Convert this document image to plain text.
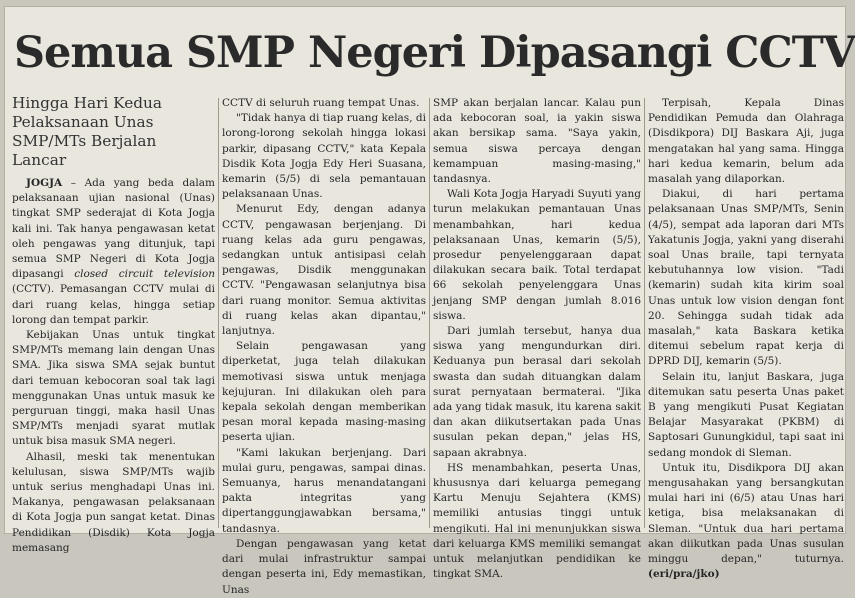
Semua SMP Negeri Dipasangi CCTV
Hingga Hari Kedua Pelaksanaan Unas SMP/MTs Berjalan Lancar

JOGJA – Ada yang beda dalam pelaksanaan ujian nasional (Unas) tingkat SMP sederajat di Kota Jogja kali ini. Tak hanya pengawasan ketat oleh pengawas yang ditunjuk, tapi semua SMP Negeri di Kota Jogja dipasangi closed circuit television (CCTV). Pemasangan CCTV mulai di dari ruang kelas, hingga setiap lorong dan tempat parkir.

Kebijakan Unas untuk tingkat SMP/MTs memang lain dengan Unas SMA. Jika siswa SMA sejak buntut dari temuan kebocoran soal tak lagi menggunakan Unas untuk masuk ke perguruan tinggi, maka hasil Unas SMP/MTs menjadi syarat mutlak untuk bisa masuk SMA negeri.

Alhasil, meski tak menentukan kelulusan, siswa SMP/MTs wajib untuk serius menghadapi Unas ini. Makanya, pengawasan pelaksanaan di Kota Jogja pun sangat ketat. Dinas Pendidikan (Disdik) Kota Jogja memasang

CCTV di seluruh ruang tempat Unas.

"Tidak hanya di tiap ruang kelas, di lorong-lorong sekolah hingga lokasi parkir, dipasang CCTV," kata Kepala Disdik Kota Jogja Edy Heri Suasana, kemarin (5/5) di sela pemantauan pelaksanaan Unas.

Menurut Edy, dengan adanya CCTV, pengawasan berjenjang. Di ruang kelas ada guru pengawas, sedangkan untuk antisipasi celah pengawas, Disdik menggunakan CCTV. "Pengawasan selanjutnya bisa dari ruang monitor. Semua aktivitas di ruang kelas akan dipantau," lanjutnya.

Selain pengawasan yang diperketat, juga telah dilakukan memotivasi siswa untuk menjaga kejujuran. Ini dilakukan oleh para kepala sekolah dengan memberikan pesan moral kepada masing-masing peserta ujian.

"Kami lakukan berjenjang. Dari mulai guru, pengawas, sampai dinas. Semuanya, harus menandatangani pakta integritas yang dipertanggungjawabkan bersama," tandasnya.

Dengan pengawasan yang ketat dari mulai infrastruktur sampai dengan peserta ini, Edy memastikan, Unas

SMP akan berjalan lancar. Kalau pun ada kebocoran soal, ia yakin siswa akan bersikap sama. "Saya yakin, semua siswa percaya dengan kemampuan masing-masing," tandasnya.

Wali Kota Jogja Haryadi Suyuti yang turun melakukan pemantauan Unas menambahkan, hari kedua pelaksanaan Unas, kemarin (5/5), prosedur penyelenggaraan dapat dilakukan secara baik. Total terdapat 66 sekolah penyelenggara Unas jenjang SMP dengan jumlah 8.016 siswa.

Dari jumlah tersebut, hanya dua siswa yang mengundurkan diri. Keduanya pun berasal dari sekolah swasta dan sudah dituangkan dalam surat pernyataan bermaterai. "Jika ada yang tidak masuk, itu karena sakit dan akan diikutsertakan pada Unas susulan pekan depan," jelas HS, sapaan akrabnya.

HS menambahkan, peserta Unas, khususnya dari keluarga pemegang Kartu Menuju Sejahtera (KMS) memiliki antusias tinggi untuk mengikuti. Hal ini menunjukkan siswa dari keluarga KMS memiliki semangat untuk melanjutkan pendidikan ke tingkat SMA.

Terpisah, Kepala Dinas Pendidikan Pemuda dan Olahraga (Disdikpora) DIJ Baskara Aji, juga mengatakan hal yang sama. Hingga hari kedua kemarin, belum ada masalah yang dilaporkan.

Diakui, di hari pertama pelaksanaan Unas SMP/MTs, Senin (4/5), sempat ada laporan dari MTs Yakatunis Jogja, yakni yang diserahi soal Unas braile, tapi ternyata kebutuhannya low vision. "Tadi (kemarin) sudah kita kirim soal Unas untuk low vision dengan font 20. Sehingga sudah tidak ada masalah," kata Baskara ketika ditemui sebelum rapat kerja di DPRD DIJ, kemarin (5/5).

Selain itu, lanjut Baskara, juga ditemukan satu peserta Unas paket B yang mengikuti Pusat Kegiatan Belajar Masyarakat (PKBM) di Saptosari Gunungkidul, tapi saat ini sedang mondok di Sleman.

Untuk itu, Disdikpora DIJ akan mengusahakan yang bersangkutan mulai hari ini (6/5) atau Unas hari ketiga, bisa melaksanakan di Sleman. "Untuk dua hari pertama akan diikutkan pada Unas susulan minggu depan," tuturnya. (eri/pra/jko)
